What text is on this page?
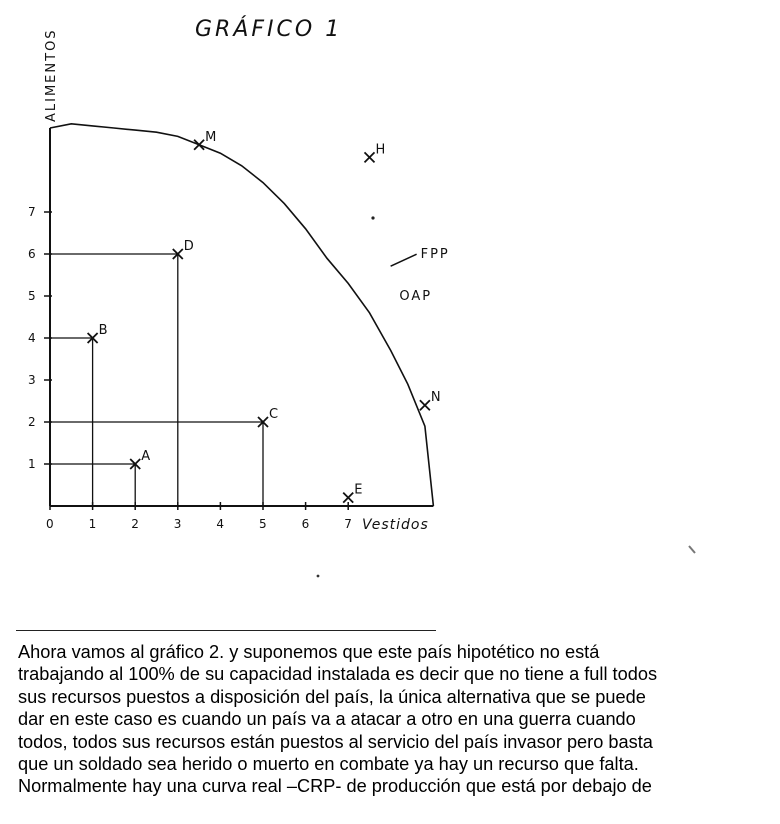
GRÁFICO 1
ALIMENTOS
Vestidos
0	1	2	3	4	5	6	7
1
2
3
4
5
6
7
A
B
C
D
E
M
N
H
FPP
OAP
Ahora vamos al gráfico 2. y suponemos que este país hipotético no está
trabajando al 100% de su capacidad instalada es decir que no tiene a full todos
sus recursos puestos a disposición del país, la única alternativa que se puede
dar en este caso es cuando un país va a atacar a otro en una guerra cuando
todos, todos sus recursos están puestos al servicio del país invasor pero basta
que un soldado sea herido o muerto en combate ya hay un recurso que falta.
Normalmente hay una curva real –CRP- de producción que está por debajo de
